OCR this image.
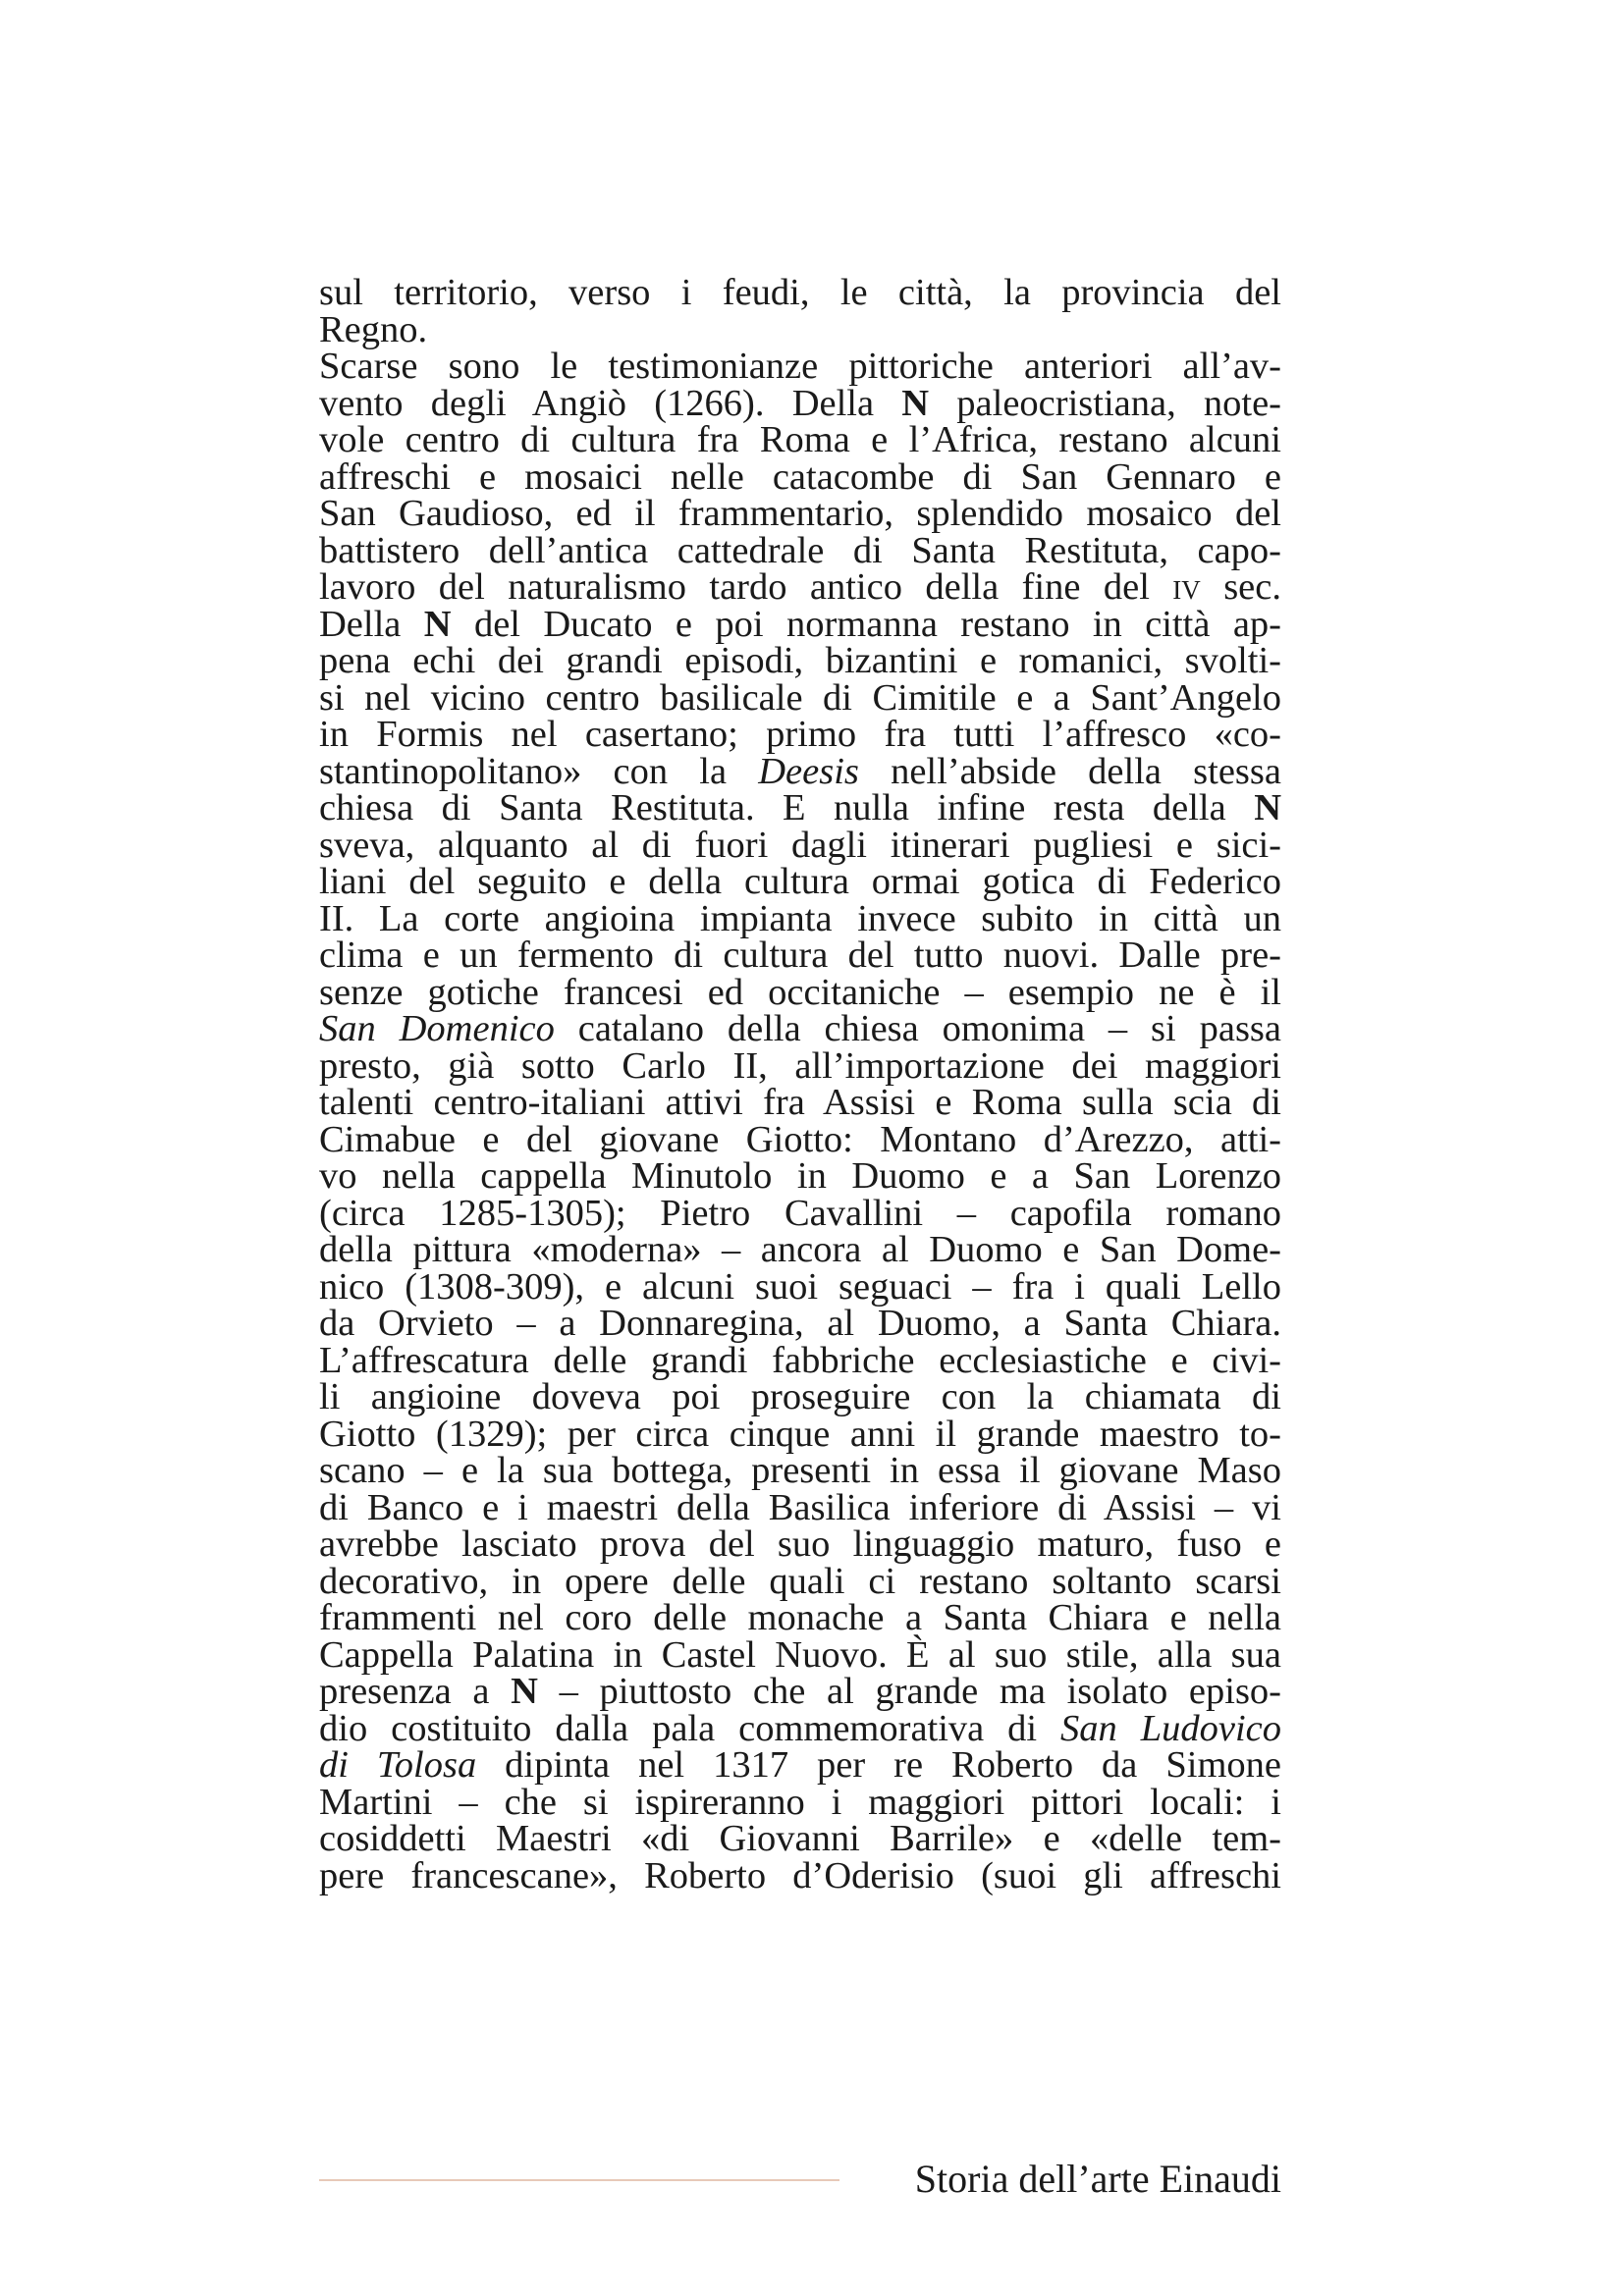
sul territorio, verso i feudi, le città, la provincia del
Regno.
Scarse sono le testimonianze pittoriche anteriori all’av-
vento degli Angiò (1266). Della N paleocristiana, note-
vole centro di cultura fra Roma e l’Africa, restano alcuni
affreschi e mosaici nelle catacombe di San Gennaro e
San Gaudioso, ed il frammentario, splendido mosaico del
battistero dell’antica cattedrale di Santa Restituta, capo-
lavoro del naturalismo tardo antico della fine del iv sec.
Della N del Ducato e poi normanna restano in città ap-
pena echi dei grandi episodi, bizantini e romanici, svolti-
si nel vicino centro basilicale di Cimitile e a Sant’Angelo
in Formis nel casertano; primo fra tutti l’affresco «co-
stantinopolitano» con la Deesis nell’abside della stessa
chiesa di Santa Restituta. E nulla infine resta della N
sveva, alquanto al di fuori dagli itinerari pugliesi e sici-
liani del seguito e della cultura ormai gotica di Federico
II. La corte angioina impianta invece subito in città un
clima e un fermento di cultura del tutto nuovi. Dalle pre-
senze gotiche francesi ed occitaniche – esempio ne è il
San Domenico catalano della chiesa omonima – si passa
presto, già sotto Carlo II, all’importazione dei maggiori
talenti centro-italiani attivi fra Assisi e Roma sulla scia di
Cimabue e del giovane Giotto: Montano d’Arezzo, atti-
vo nella cappella Minutolo in Duomo e a San Lorenzo
(circa 1285-1305); Pietro Cavallini – capofila romano
della pittura «moderna» – ancora al Duomo e San Dome-
nico (1308-309), e alcuni suoi seguaci – fra i quali Lello
da Orvieto – a Donnaregina, al Duomo, a Santa Chiara.
L’affrescatura delle grandi fabbriche ecclesiastiche e civi-
li angioine doveva poi proseguire con la chiamata di
Giotto (1329); per circa cinque anni il grande maestro to-
scano – e la sua bottega, presenti in essa il giovane Maso
di Banco e i maestri della Basilica inferiore di Assisi – vi
avrebbe lasciato prova del suo linguaggio maturo, fuso e
decorativo, in opere delle quali ci restano soltanto scarsi
frammenti nel coro delle monache a Santa Chiara e nella
Cappella Palatina in Castel Nuovo. È al suo stile, alla sua
presenza a N – piuttosto che al grande ma isolato episo-
dio costituito dalla pala commemorativa di San Ludovico
di Tolosa dipinta nel 1317 per re Roberto da Simone
Martini – che si ispireranno i maggiori pittori locali: i
cosiddetti Maestri «di Giovanni Barrile» e «delle tem-
pere francescane», Roberto d’Oderisio (suoi gli affreschi
Storia dell’arte Einaudi
